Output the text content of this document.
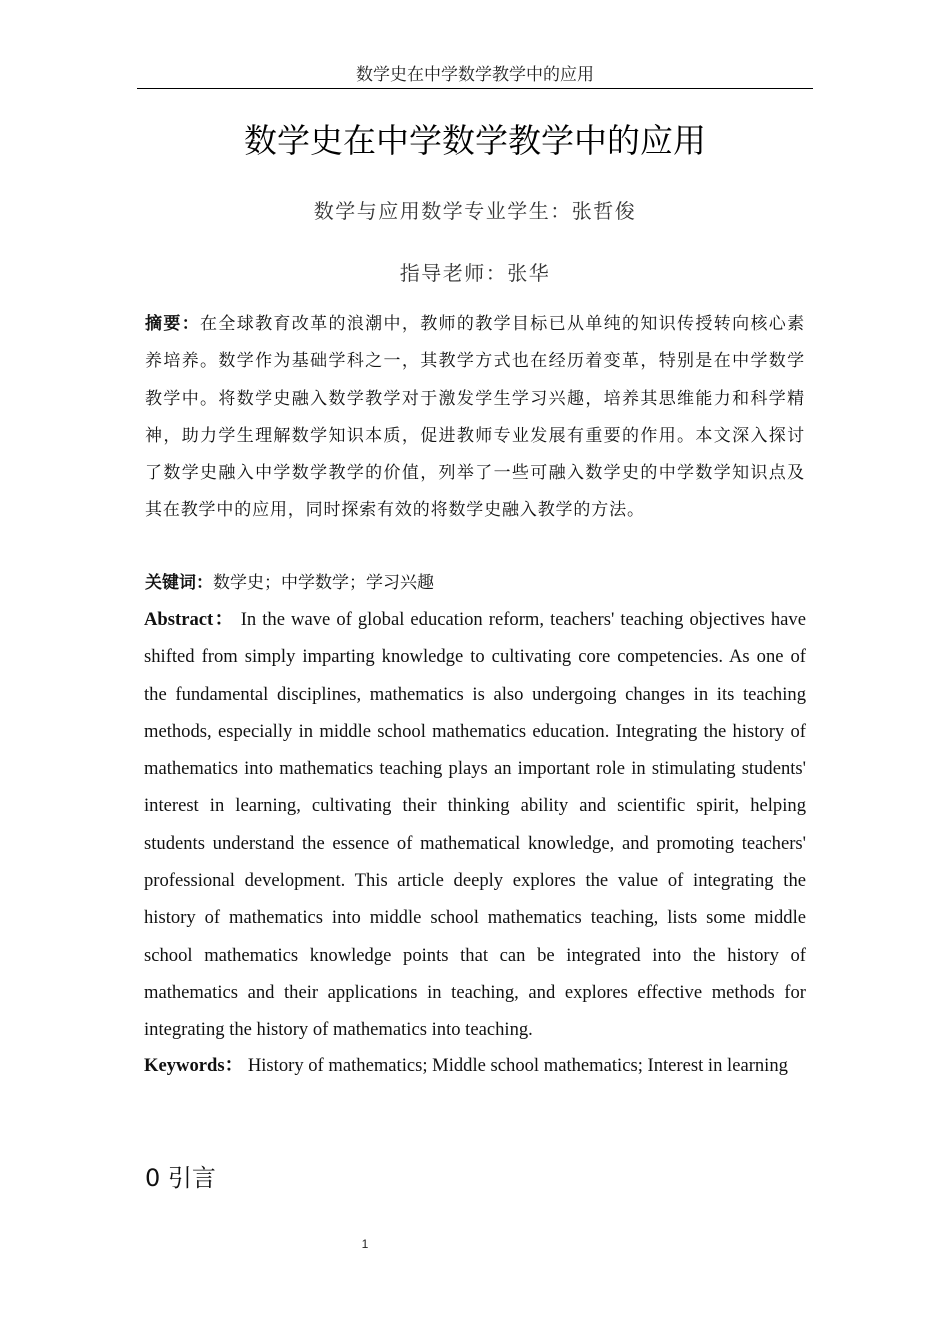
数学史在中学数学教学中的应用
数学史在中学数学教学中的应用
数学与应用数学专业学生：张哲俊
指导老师：张华
摘要：在全球教育改革的浪潮中，教师的教学目标已从单纯的知识传授转向核心素养培养。数学作为基础学科之一，其教学方式也在经历着变革，特别是在中学数学教学中。将数学史融入数学教学对于激发学生学习兴趣，培养其思维能力和科学精神，助力学生理解数学知识本质，促进教师专业发展有重要的作用。本文深入探讨了数学史融入中学数学教学的价值，列举了一些可融入数学史的中学数学知识点及其在教学中的应用，同时探索有效的将数学史融入教学的方法。
关键词：数学史；中学数学；学习兴趣
Abstract： In the wave of global education reform, teachers' teaching objectives have shifted from simply imparting knowledge to cultivating core competencies. As one of the fundamental disciplines, mathematics is also undergoing changes in its teaching methods, especially in middle school mathematics education. Integrating the history of mathematics into mathematics teaching plays an important role in stimulating students' interest in learning, cultivating their thinking ability and scientific spirit, helping students understand the essence of mathematical knowledge, and promoting teachers' professional development. This article deeply explores the value of integrating the history of mathematics into middle school mathematics teaching, lists some middle school mathematics knowledge points that can be integrated into the history of mathematics and their applications in teaching, and explores effective methods for integrating the history of mathematics into teaching.
Keywords： History of mathematics; Middle school mathematics; Interest in learning
0 引言
1
